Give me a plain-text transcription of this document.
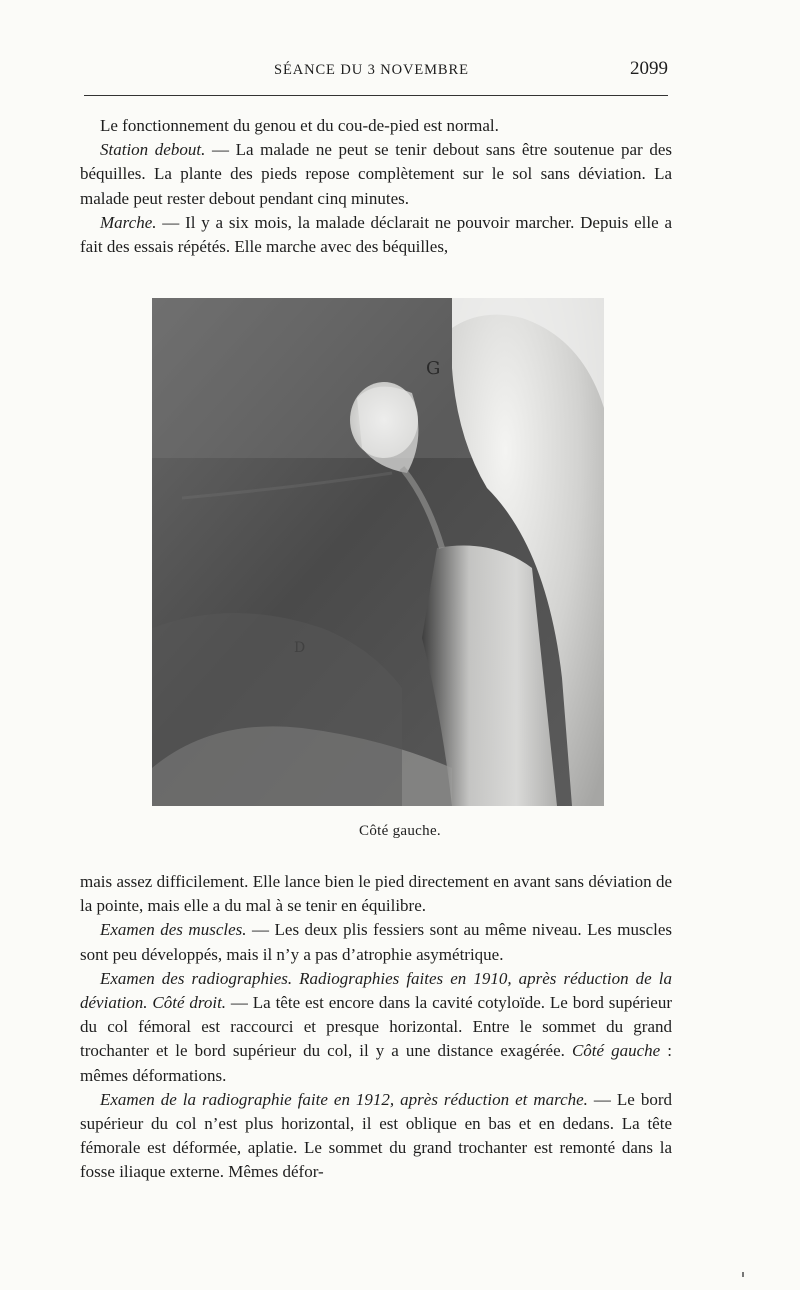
SÉANCE DU 3 NOVEMBRE	2099

Le fonctionnement du genou et du cou-de-pied est normal.

Station debout. — La malade ne peut se tenir debout sans être soutenue par des béquilles. La plante des pieds repose complètement sur le sol sans déviation. La malade peut rester debout pendant cinq minutes.

Marche. — Il y a six mois, la malade déclarait ne pouvoir marcher. Depuis elle a fait des essais répétés. Elle marche avec des béquilles,

G
D
Côté gauche.

mais assez difficilement. Elle lance bien le pied directement en avant sans déviation de la pointe, mais elle a du mal à se tenir en équilibre.

Examen des muscles. — Les deux plis fessiers sont au même niveau. Les muscles sont peu développés, mais il n’y a pas d’atrophie asymétrique.

Examen des radiographies. Radiographies faites en 1910, après réduction de la déviation. Côté droit. — La tête est encore dans la cavité cotyloïde. Le bord supérieur du col fémoral est raccourci et presque horizontal. Entre le sommet du grand trochanter et le bord supérieur du col, il y a une distance exagérée. Côté gauche : mêmes déformations.

Examen de la radiographie faite en 1912, après réduction et marche. — Le bord supérieur du col n’est plus horizontal, il est oblique en bas et en dedans. La tête fémorale est déformée, aplatie. Le sommet du grand trochanter est remonté dans la fosse iliaque externe. Mêmes défor-
